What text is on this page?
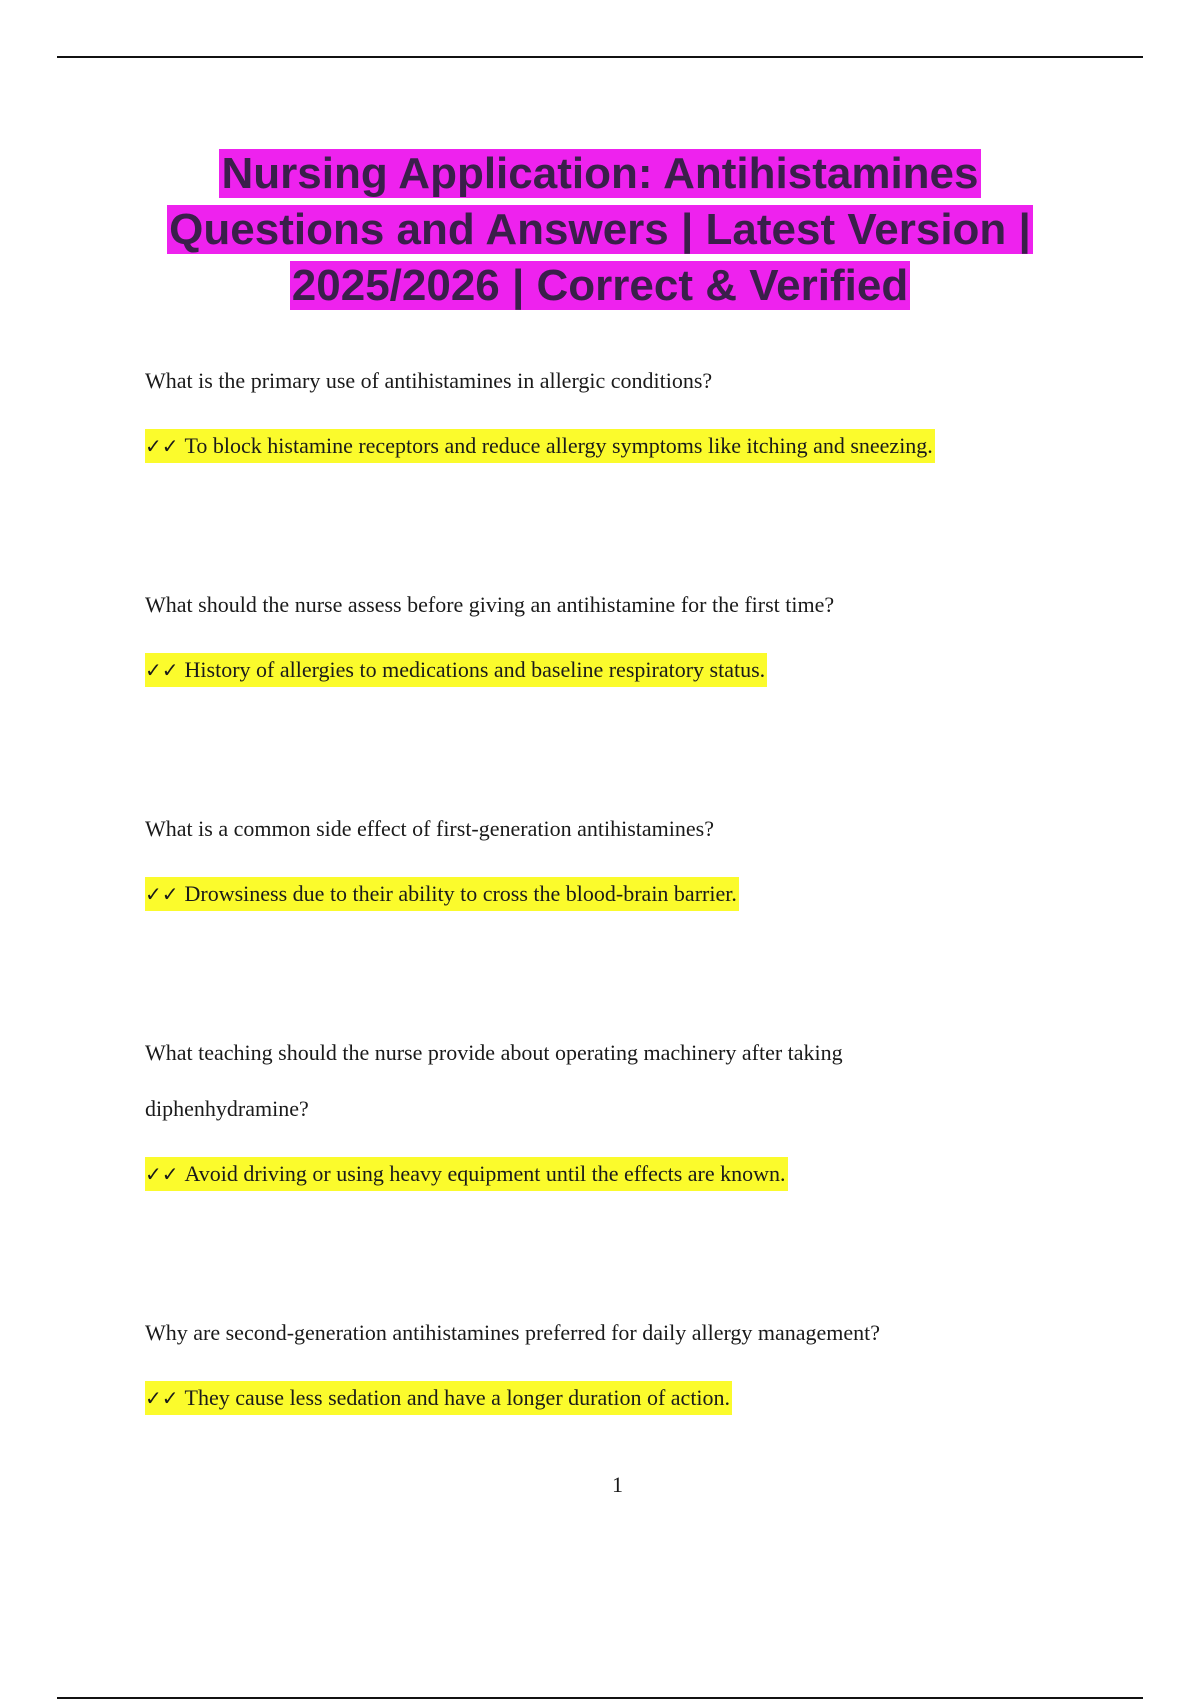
Nursing Application: Antihistamines Questions and Answers | Latest Version | 2025/2026 | Correct & Verified
What is the primary use of antihistamines in allergic conditions?
✓✓ To block histamine receptors and reduce allergy symptoms like itching and sneezing.
What should the nurse assess before giving an antihistamine for the first time?
✓✓ History of allergies to medications and baseline respiratory status.
What is a common side effect of first-generation antihistamines?
✓✓ Drowsiness due to their ability to cross the blood-brain barrier.
What teaching should the nurse provide about operating machinery after taking diphenhydramine?
✓✓ Avoid driving or using heavy equipment until the effects are known.
Why are second-generation antihistamines preferred for daily allergy management?
✓✓ They cause less sedation and have a longer duration of action.
1
